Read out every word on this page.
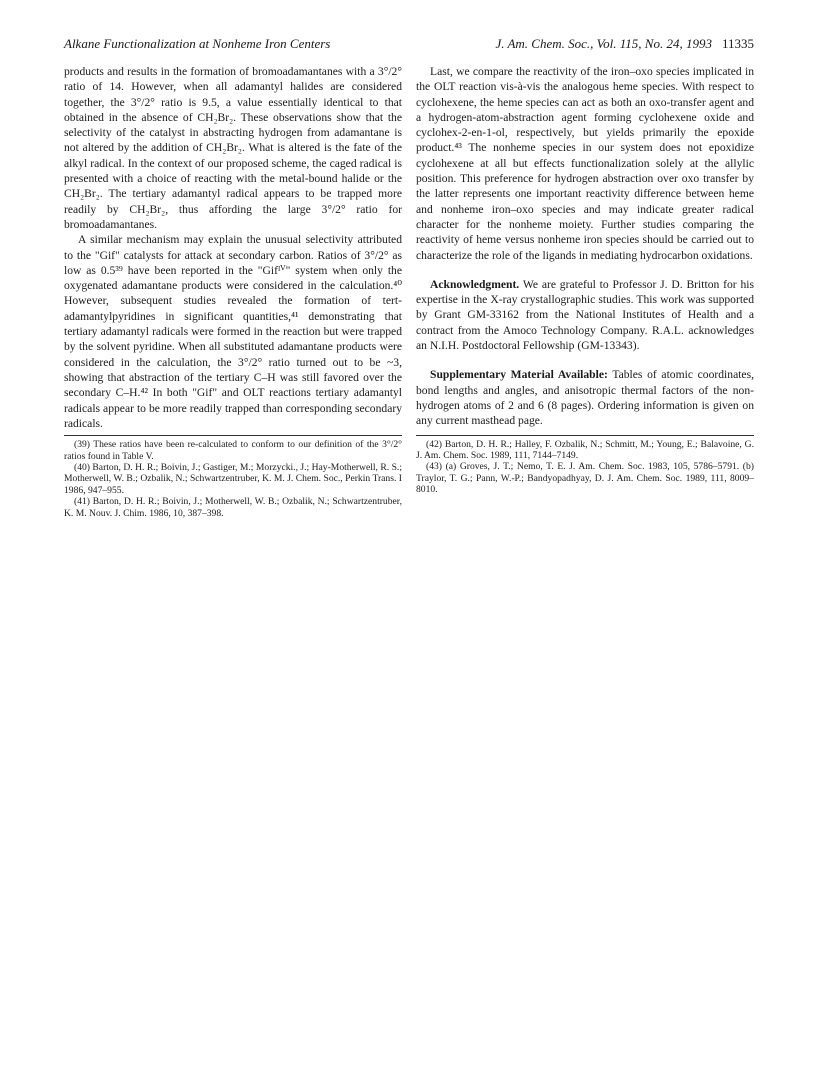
Alkane Functionalization at Nonheme Iron Centers	J. Am. Chem. Soc., Vol. 115, No. 24, 1993 11335

products and results in the formation of bromoadamantanes with a 3°/2° ratio of 14. However, when all adamantyl halides are considered together, the 3°/2° ratio is 9.5, a value essentially identical to that obtained in the absence of CH₂Br₂. These observations show that the selectivity of the catalyst in abstracting hydrogen from adamantane is not altered by the addition of CH₂Br₂. What is altered is the fate of the alkyl radical. In the context of our proposed scheme, the caged radical is presented with a choice of reacting with the metal-bound halide or the CH₂Br₂. The tertiary adamantyl radical appears to be trapped more readily by CH₂Br₂, thus affording the large 3°/2° ratio for bromoadamantanes.

A similar mechanism may explain the unusual selectivity attributed to the "Gif" catalysts for attack at secondary carbon. Ratios of 3°/2° as low as 0.5³⁹ have been reported in the "Gifᴵⱽ" system when only the oxygenated adamantane products were considered in the calculation.⁴⁰ However, subsequent studies revealed the formation of tert-adamantylpyridines in significant quantities,⁴¹ demonstrating that tertiary adamantyl radicals were formed in the reaction but were trapped by the solvent pyridine. When all substituted adamantane products were considered in the calculation, the 3°/2° ratio turned out to be ~3, showing that abstraction of the tertiary C–H was still favored over the secondary C–H.⁴² In both "Gif" and OLT reactions tertiary adamantyl radicals appear to be more readily trapped than corresponding secondary radicals.

(39) These ratios have been re-calculated to conform to our definition of the 3°/2° ratios found in Table V.

(40) Barton, D. H. R.; Boivin, J.; Gastiger, M.; Morzycki., J.; Hay-Motherwell, R. S.; Motherwell, W. B.; Ozbalik, N.; Schwartzentruber, K. M. J. Chem. Soc., Perkin Trans. I 1986, 947–955.

(41) Barton, D. H. R.; Boivin, J.; Motherwell, W. B.; Ozbalik, N.; Schwartzentruber, K. M. Nouv. J. Chim. 1986, 10, 387–398.

Last, we compare the reactivity of the iron–oxo species implicated in the OLT reaction vis-à-vis the analogous heme species. With respect to cyclohexene, the heme species can act as both an oxo-transfer agent and a hydrogen-atom-abstraction agent forming cyclohexene oxide and cyclohex-2-en-1-ol, respectively, but yields primarily the epoxide product.⁴³ The nonheme species in our system does not epoxidize cyclohexene at all but effects functionalization solely at the allylic position. This preference for hydrogen abstraction over oxo transfer by the latter represents one important reactivity difference between heme and nonheme iron–oxo species and may indicate greater radical character for the nonheme moiety. Further studies comparing the reactivity of heme versus nonheme iron species should be carried out to characterize the role of the ligands in mediating hydrocarbon oxidations.

Acknowledgment. We are grateful to Professor J. D. Britton for his expertise in the X-ray crystallographic studies. This work was supported by Grant GM-33162 from the National Institutes of Health and a contract from the Amoco Technology Company. R.A.L. acknowledges an N.I.H. Postdoctoral Fellowship (GM-13343).

Supplementary Material Available: Tables of atomic coordinates, bond lengths and angles, and anisotropic thermal factors of the non-hydrogen atoms of 2 and 6 (8 pages). Ordering information is given on any current masthead page.

(42) Barton, D. H. R.; Halley, F. Ozbalik, N.; Schmitt, M.; Young, E.; Balavoine, G. J. Am. Chem. Soc. 1989, 111, 7144–7149.

(43) (a) Groves, J. T.; Nemo, T. E. J. Am. Chem. Soc. 1983, 105, 5786–5791. (b) Traylor, T. G.; Pann, W.-P.; Bandyopadhyay, D. J. Am. Chem. Soc. 1989, 111, 8009–8010.
